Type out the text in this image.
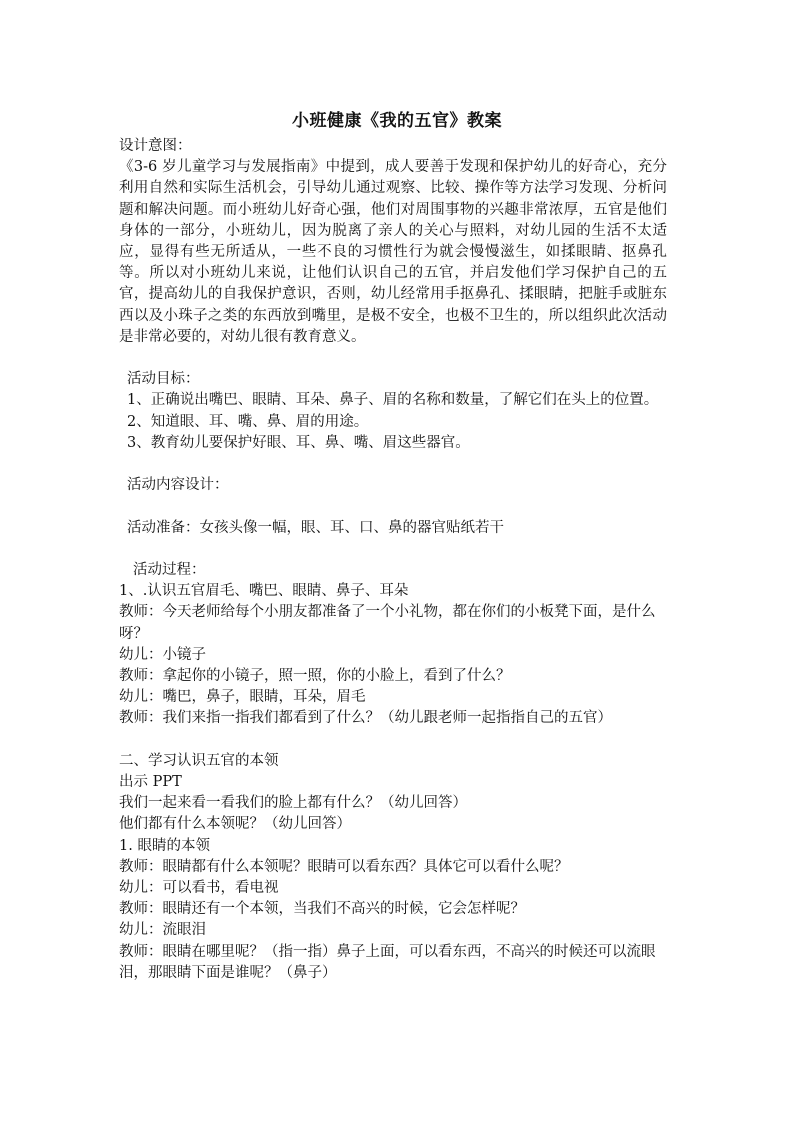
小班健康《我的五官》教案
设计意图：
《3-6 岁儿童学习与发展指南》中提到，成人要善于发现和保护幼儿的好奇心，充分利用自然和实际生活机会，引导幼儿通过观察、比较、操作等方法学习发现、分析问题和解决问题。而小班幼儿好奇心强，他们对周围事物的兴趣非常浓厚，五官是他们身体的一部分，小班幼儿，因为脱离了亲人的关心与照料，对幼儿园的生活不太适应，显得有些无所适从，一些不良的习惯性行为就会慢慢滋生，如揉眼睛、抠鼻孔等。所以对小班幼儿来说，让他们认识自己的五官，并启发他们学习保护自己的五官，提高幼儿的自我保护意识，否则，幼儿经常用手抠鼻孔、揉眼睛，把脏手或脏东西以及小珠子之类的东西放到嘴里，是极不安全，也极不卫生的，所以组织此次活动是非常必要的，对幼儿很有教育意义。
活动目标：
1、正确说出嘴巴、眼睛、耳朵、鼻子、眉的名称和数量，了解它们在头上的位置。
2、知道眼、耳、嘴、鼻、眉的用途。
3、教育幼儿要保护好眼、耳、鼻、嘴、眉这些器官。
活动内容设计：
活动准备：女孩头像一幅，眼、耳、口、鼻的器官贴纸若干
活动过程：
1、.认识五官眉毛、嘴巴、眼睛、鼻子、耳朵
教师：今天老师给每个小朋友都准备了一个小礼物，都在你们的小板凳下面，是什么呀？
幼儿：小镜子
教师：拿起你的小镜子，照一照，你的小脸上，看到了什么？
幼儿：嘴巴，鼻子，眼睛，耳朵，眉毛
教师：我们来指一指我们都看到了什么？（幼儿跟老师一起指指自己的五官）
二、学习认识五官的本领
出示 PPT
我们一起来看一看我们的脸上都有什么？（幼儿回答）
他们都有什么本领呢？（幼儿回答）
1. 眼睛的本领
教师：眼睛都有什么本领呢？眼睛可以看东西？具体它可以看什么呢？
幼儿：可以看书，看电视
教师：眼睛还有一个本领，当我们不高兴的时候，它会怎样呢？
幼儿：流眼泪
教师：眼睛在哪里呢？（指一指）鼻子上面，可以看东西，不高兴的时候还可以流眼泪，那眼睛下面是谁呢？（鼻子）
